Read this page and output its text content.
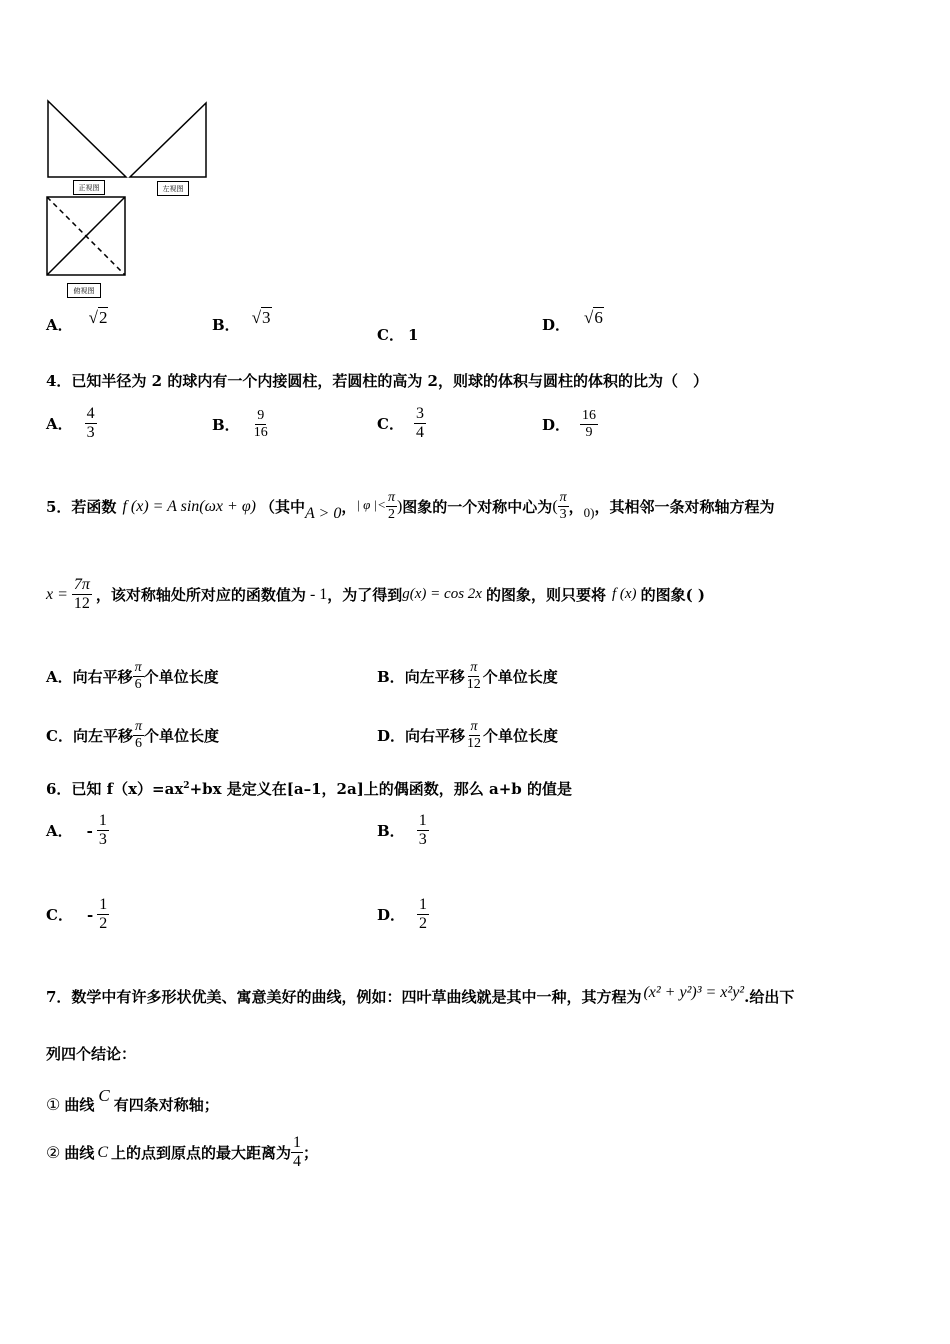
正视图	左视图
俯视图
A． √2	B． √3
C． 1
D． √6
4．已知半径为 2 的球内有一个内接圆柱，若圆柱的高为 2，则球的体积与圆柱的体积的比为（　）
A． $\frac{4}{3}$	B． $\frac{9}{16}$	C． $\frac{3}{4}$	D． $\frac{16}{9}$
5．若函数 f (x) = A sin(ωx + φ) （其中 A > 0 ， | φ |< $\frac{\pi}{2}$ ) 图象的一个对称中心为 ( $\frac{\pi}{3}$ ， 0) ，其相邻一条对称轴方程为
$x = \frac{7\pi}{12}$ ，该对称轴处所对应的函数值为 - 1 ，为了得到 g(x) = cos 2x 的图象，则只要将 f (x) 的图象( )
A． 向右平移 $\frac{\pi}{6}$ 个单位长度	B． 向左平移 $\frac{\pi}{12}$ 个单位长度
C． 向左平移 $\frac{\pi}{6}$ 个单位长度	D． 向右平移 $\frac{\pi}{12}$ 个单位长度
6．已知 $f(x)=ax^2+bx$ 是定义在[a–1，2a]上的偶函数，那么 a+b 的值是
A． - $\frac{1}{3}$	B． $\frac{1}{3}$
C． - $\frac{1}{2}$	D． $\frac{1}{2}$
7．数学中有许多形状优美、寓意美好的曲线，例如：四叶草曲线就是其中一种，其方程为 (x² + y²)³ = x²y² .给出下
列四个结论：
① 曲线
C
有四条对称轴；
② 曲线 C 上的点到原点的最大距离为 $\frac{1}{4}$ ；
